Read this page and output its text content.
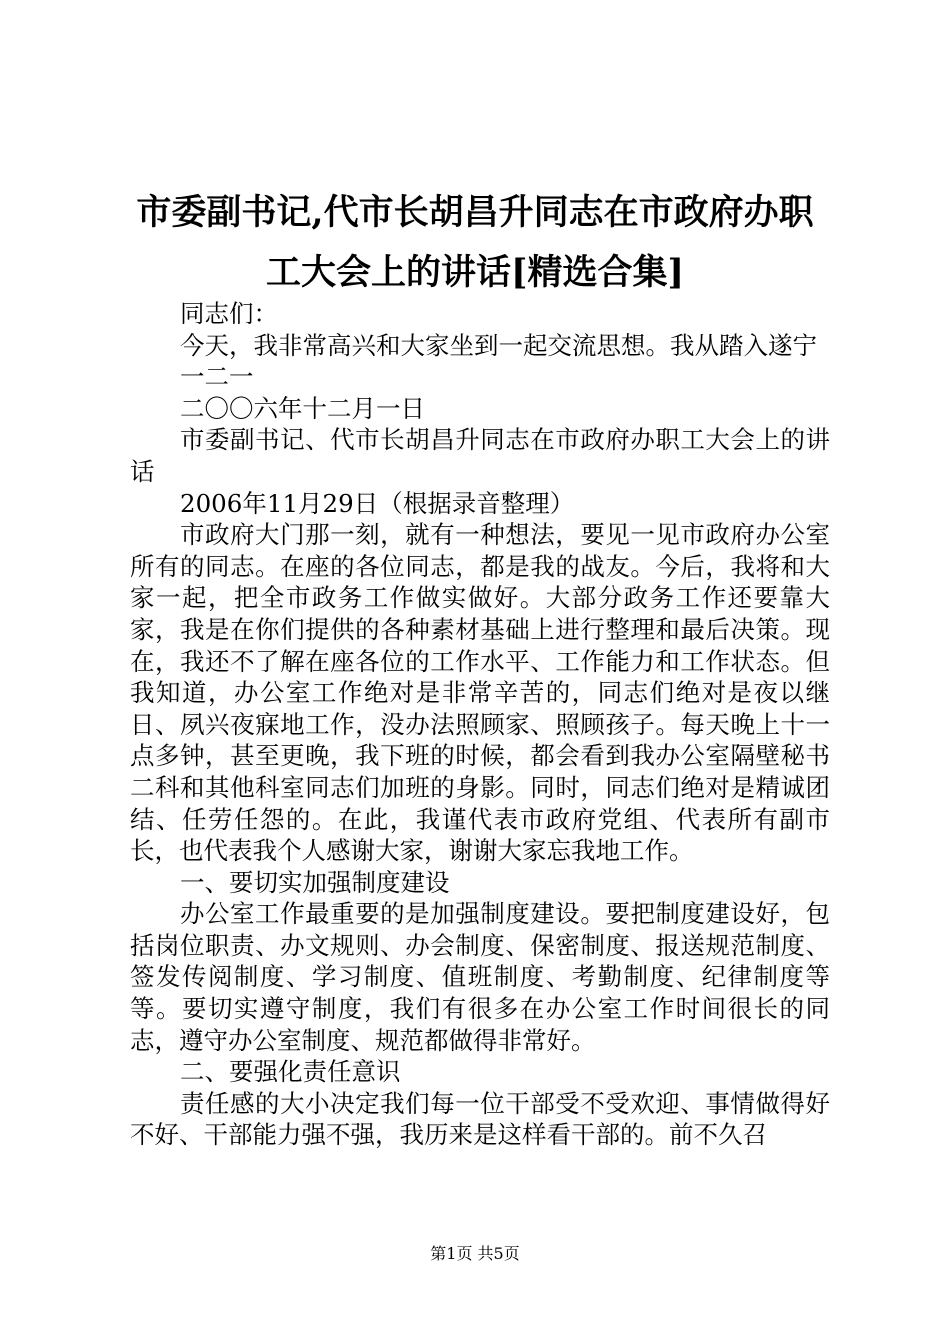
市委副书记,代市长胡昌升同志在市政府办职
工大会上的讲话[精选合集]

同志们：

今天，我非常高兴和大家坐到一起交流思想。我从踏入遂宁

一二一

二〇〇六年十二月一日

市委副书记、代市长胡昌升同志在市政府办职工大会上的讲话

2006年11月29日（根据录音整理）

市政府大门那一刻，就有一种想法，要见一见市政府办公室所有的同志。在座的各位同志，都是我的战友。今后，我将和大家一起，把全市政务工作做实做好。大部分政务工作还要靠大家，我是在你们提供的各种素材基础上进行整理和最后决策。现在，我还不了解在座各位的工作水平、工作能力和工作状态。但我知道，办公室工作绝对是非常辛苦的，同志们绝对是夜以继日、夙兴夜寐地工作，没办法照顾家、照顾孩子。每天晚上十一点多钟，甚至更晚，我下班的时候，都会看到我办公室隔壁秘书二科和其他科室同志们加班的身影。同时，同志们绝对是精诚团结、任劳任怨的。在此，我谨代表市政府党组、代表所有副市长，也代表我个人感谢大家，谢谢大家忘我地工作。

一、要切实加强制度建设

办公室工作最重要的是加强制度建设。要把制度建设好，包括岗位职责、办文规则、办会制度、保密制度、报送规范制度、签发传阅制度、学习制度、值班制度、考勤制度、纪律制度等等。要切实遵守制度，我们有很多在办公室工作时间很长的同志，遵守办公室制度、规范都做得非常好。

二、要强化责任意识

责任感的大小决定我们每一位干部受不受欢迎、事情做得好不好、干部能力强不强，我历来是这样看干部的。前不久召

第1页 共5页
